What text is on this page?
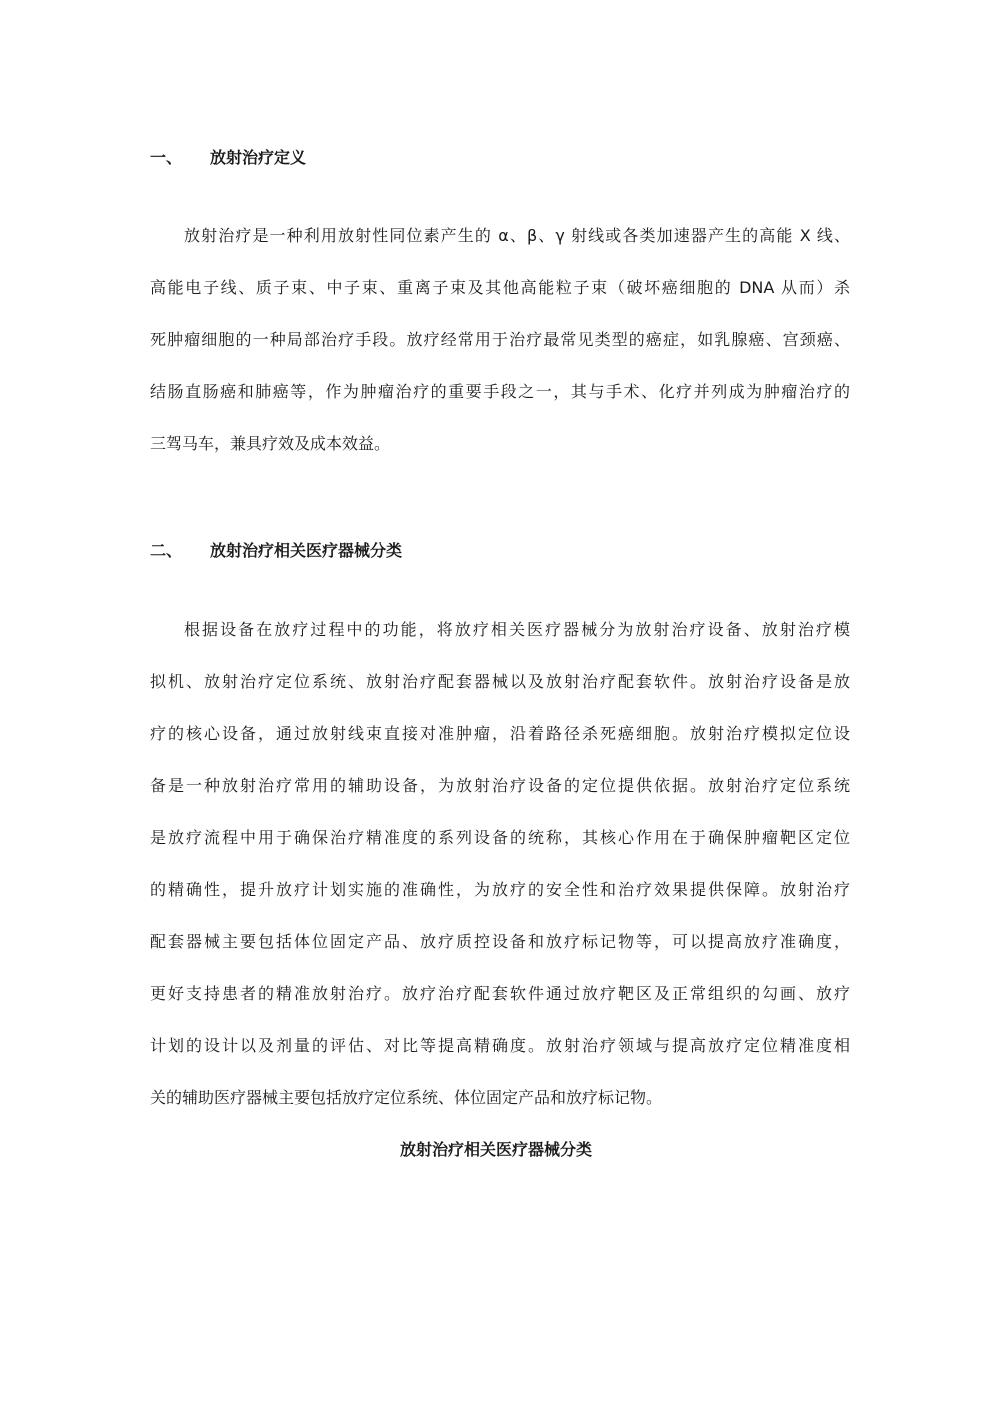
一、 放射治疗定义
放射治疗是一种利用放射性同位素产生的 α、β、γ 射线或各类加速器产生的高能 X 线、
高能电子线、质子束、中子束、重离子束及其他高能粒子束（破坏癌细胞的 DNA 从而）杀
死肿瘤细胞的一种局部治疗手段。放疗经常用于治疗最常见类型的癌症，如乳腺癌、宫颈癌、
结肠直肠癌和肺癌等，作为肿瘤治疗的重要手段之一，其与手术、化疗并列成为肿瘤治疗的
三驾马车，兼具疗效及成本效益。
二、 放射治疗相关医疗器械分类
根据设备在放疗过程中的功能，将放疗相关医疗器械分为放射治疗设备、放射治疗模
拟机、放射治疗定位系统、放射治疗配套器械以及放射治疗配套软件。放射治疗设备是放
疗的核心设备，通过放射线束直接对准肿瘤，沿着路径杀死癌细胞。放射治疗模拟定位设
备是一种放射治疗常用的辅助设备，为放射治疗设备的定位提供依据。放射治疗定位系统
是放疗流程中用于确保治疗精准度的系列设备的统称，其核心作用在于确保肿瘤靶区定位
的精确性，提升放疗计划实施的准确性，为放疗的安全性和治疗效果提供保障。放射治疗
配套器械主要包括体位固定产品、放疗质控设备和放疗标记物等，可以提高放疗准确度，
更好支持患者的精准放射治疗。放疗治疗配套软件通过放疗靶区及正常组织的勾画、放疗
计划的设计以及剂量的评估、对比等提高精确度。放射治疗领域与提高放疗定位精准度相
关的辅助医疗器械主要包括放疗定位系统、体位固定产品和放疗标记物。
放射治疗相关医疗器械分类
